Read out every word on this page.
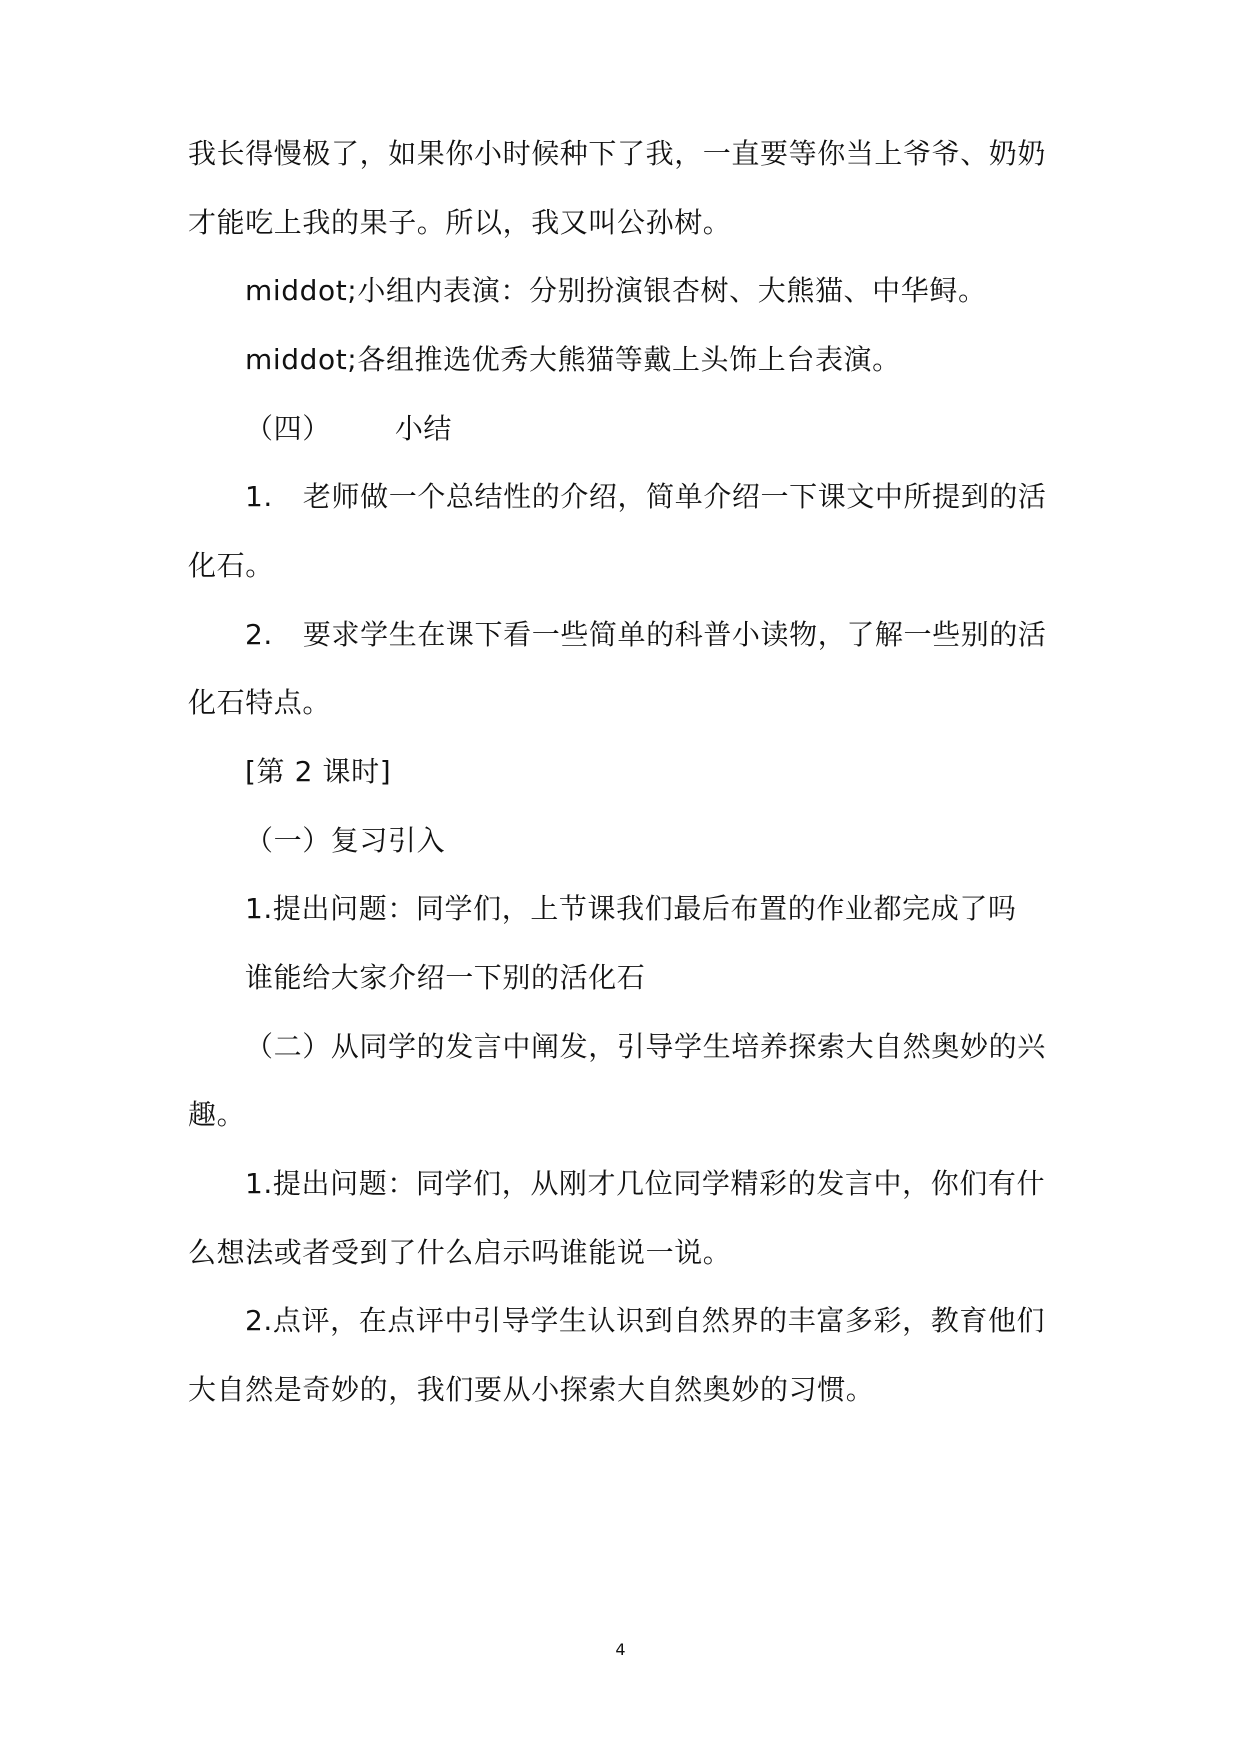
我长得慢极了，如果你小时候种下了我，一直要等你当上爷爷、奶奶
才能吃上我的果子。所以，我又叫公孙树。
middot;小组内表演：分别扮演银杏树、大熊猫、中华鲟。
middot;各组推选优秀大熊猫等戴上头饰上台表演。
（四） 小结
1. 老师做一个总结性的介绍，简单介绍一下课文中所提到的活
化石。
2. 要求学生在课下看一些简单的科普小读物，了解一些别的活
化石特点。
[第 2 课时]
（一）复习引入
1.提出问题：同学们，上节课我们最后布置的作业都完成了吗
谁能给大家介绍一下别的活化石
（二）从同学的发言中阐发，引导学生培养探索大自然奥妙的兴
趣。
1.提出问题：同学们，从刚才几位同学精彩的发言中，你们有什
么想法或者受到了什么启示吗谁能说一说。
2.点评，在点评中引导学生认识到自然界的丰富多彩，教育他们
大自然是奇妙的，我们要从小探索大自然奥妙的习惯。
4
